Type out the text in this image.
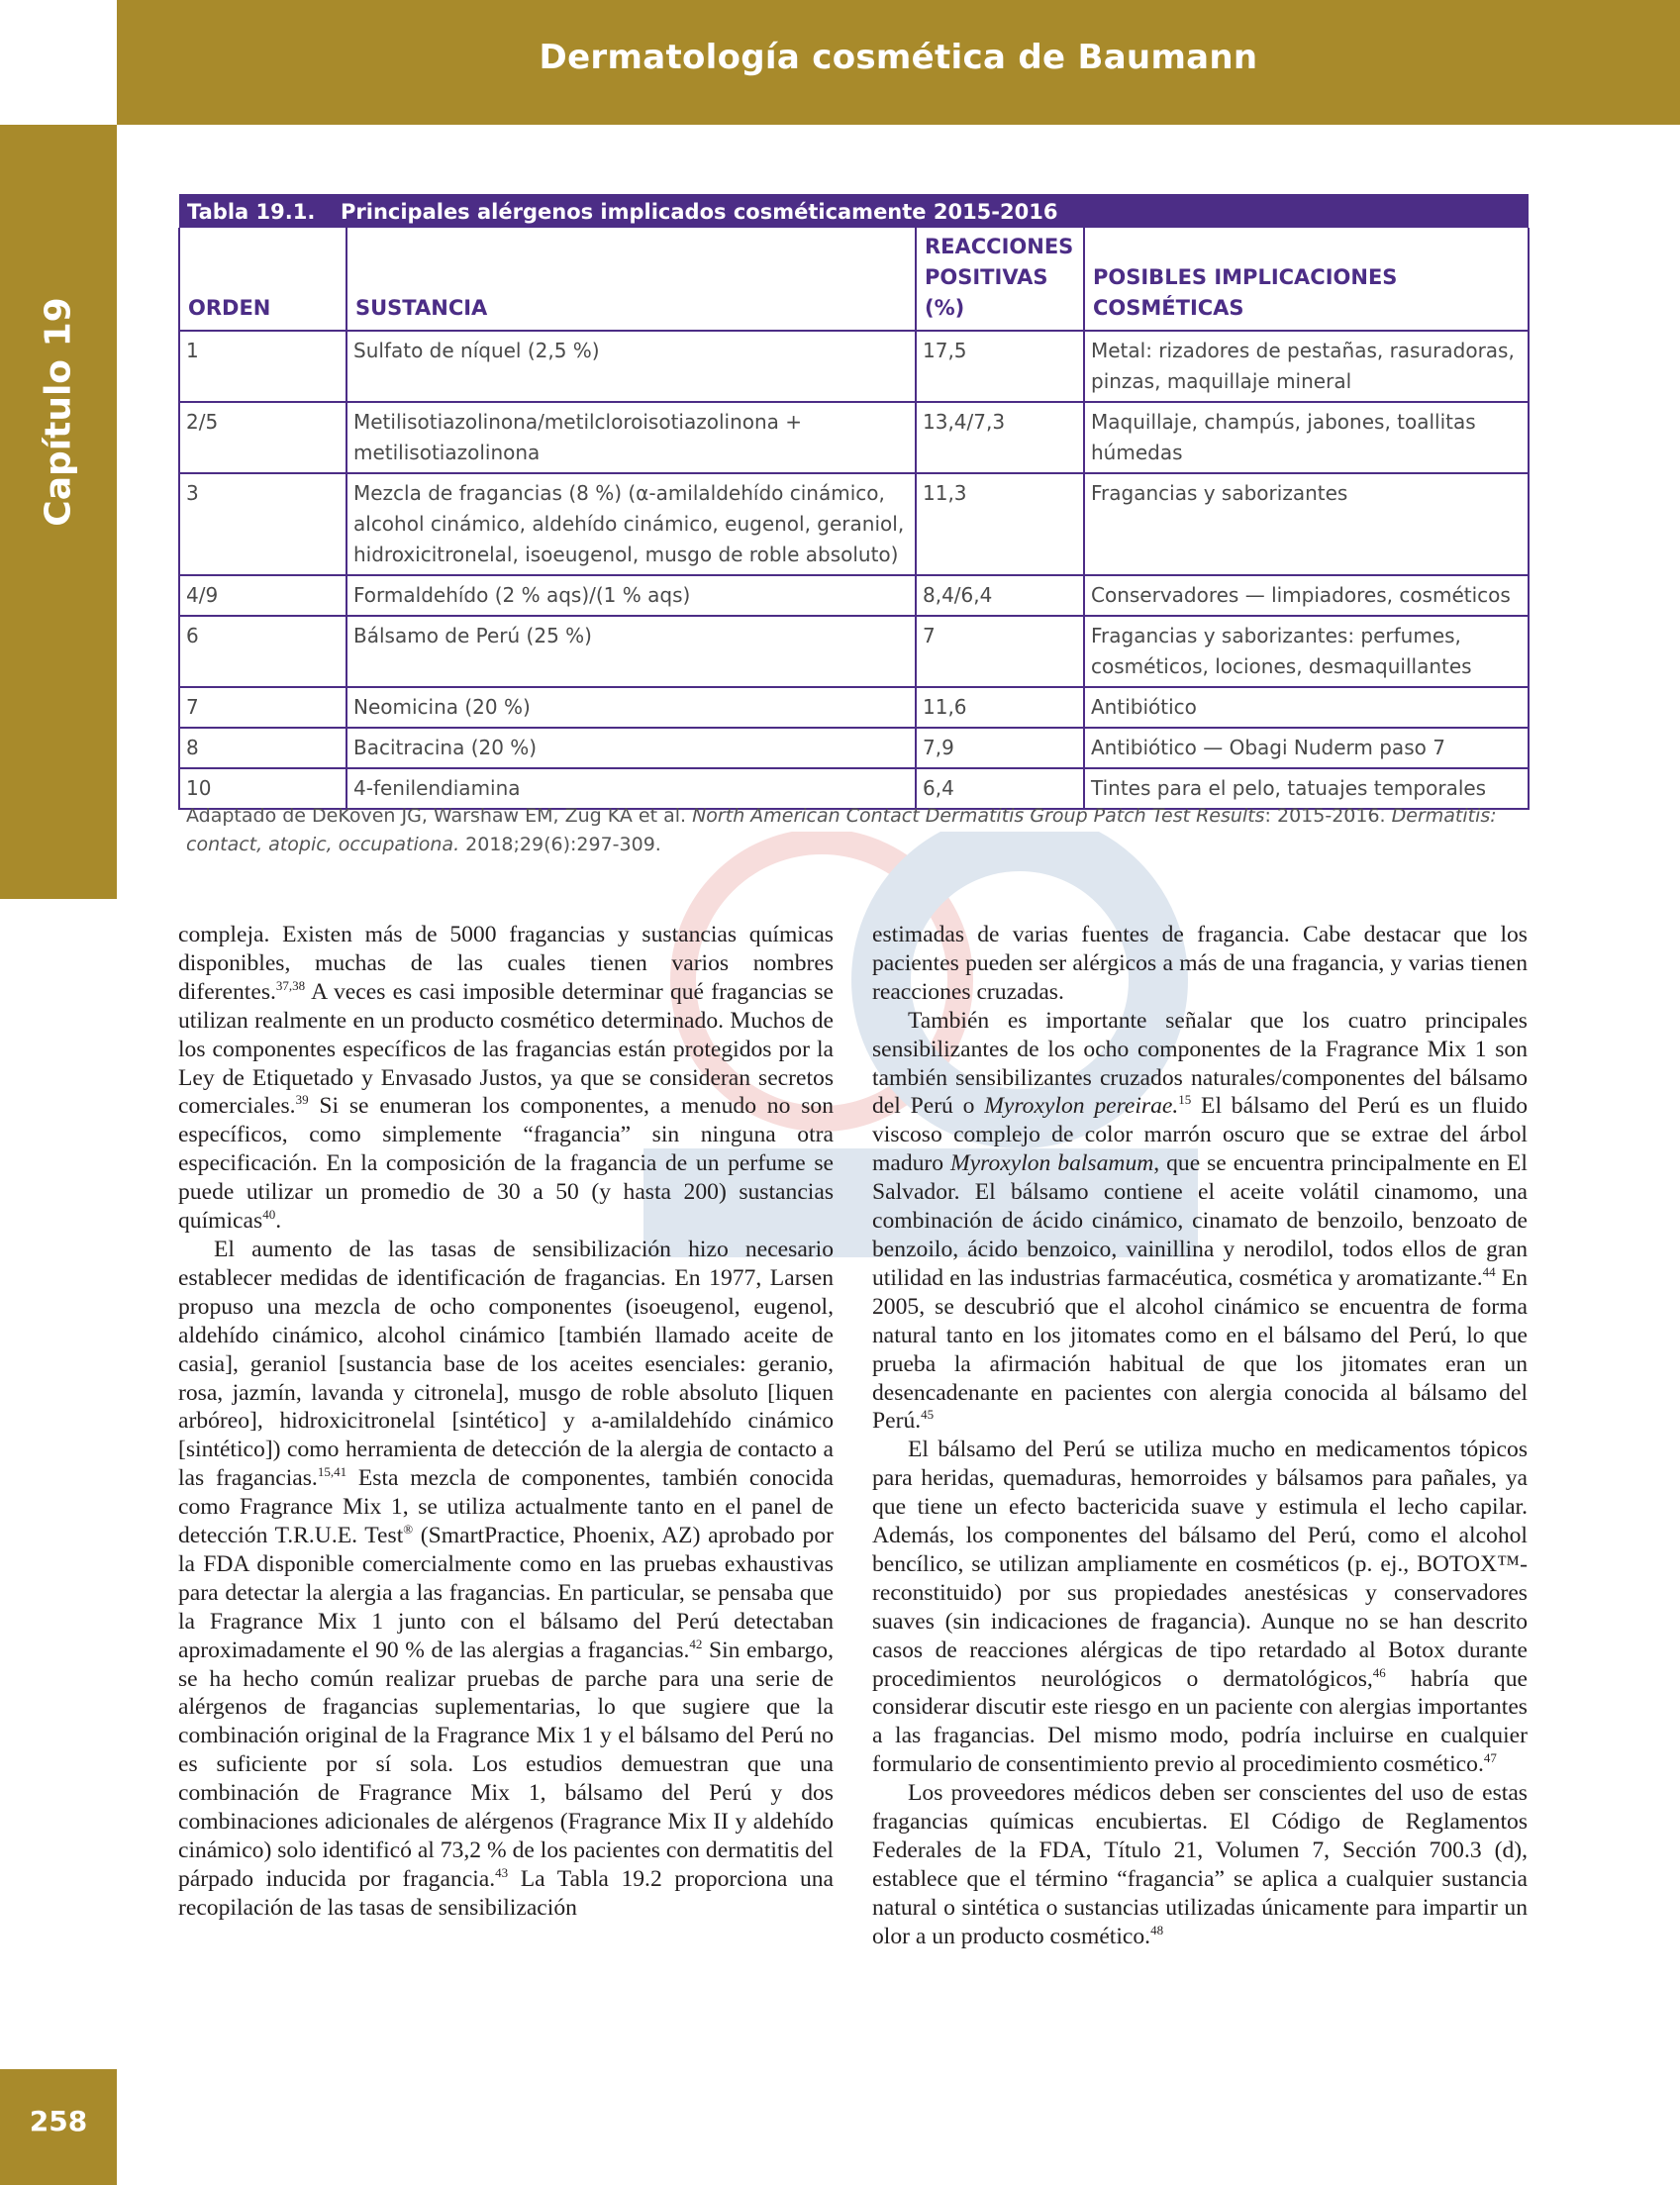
Dermatología cosmética de Baumann
Capítulo 19
258
Tabla 19.1. Principales alérgenos implicados cosméticamente 2015-2016			
ORDEN	SUSTANCIA	REACCIONES POSITIVAS (%)	POSIBLES IMPLICACIONES COSMÉTICAS
1	Sulfato de níquel (2,5 %)	17,5	Metal: rizadores de pestañas, rasuradoras, pinzas, maquillaje mineral
2/5	Metilisotiazolinona/metilcloroisotiazolinona + metilisotiazolinona	13,4/7,3	Maquillaje, champús, jabones, toallitas húmedas
3	Mezcla de fragancias (8 %) (α-amilaldehído cinámico, alcohol cinámico, aldehído cinámico, eugenol, geraniol, hidroxicitronelal, isoeugenol, musgo de roble absoluto)	11,3	Fragancias y saborizantes
4/9	Formaldehído (2 % aqs)/(1 % aqs)	8,4/6,4	Conservadores — limpiadores, cosméticos
6	Bálsamo de Perú (25 %)	7	Fragancias y saborizantes: perfumes, cosméticos, lociones, desmaquillantes
7	Neomicina (20 %)	11,6	Antibiótico
8	Bacitracina (20 %)	7,9	Antibiótico — Obagi Nuderm paso 7
10	4-fenilendiamina	6,4	Tintes para el pelo, tatuajes temporales
Adaptado de DeKoven JG, Warshaw EM, Zug KA et al. North American Contact Dermatitis Group Patch Test Results: 2015-2016. Dermatitis: contact, atopic, occupationa. 2018;29(6):297-309.

compleja. Existen más de 5000 fragancias y sustancias químicas disponibles, muchas de las cuales tienen varios nombres diferentes.$^{37,38}$ A veces es casi imposible determinar qué fragancias se utilizan realmente en un producto cosmético determinado. Muchos de los componentes específicos de las fragancias están protegidos por la Ley de Etiquetado y Envasado Justos, ya que se consideran secretos comerciales.$^{39}$ Si se enumeran los componentes, a menudo no son específicos, como simplemente “fragancia” sin ninguna otra especificación. En la composición de la fragancia de un perfume se puede utilizar un promedio de 30 a 50 (y hasta 200) sustancias químicas$^{40}$.

El aumento de las tasas de sensibilización hizo necesario establecer medidas de identificación de fragancias. En 1977, Larsen propuso una mezcla de ocho componentes (isoeugenol, eugenol, aldehído cinámico, alcohol cinámico [también llamado aceite de casia], geraniol [sustancia base de los aceites esenciales: geranio, rosa, jazmín, lavanda y citronela], musgo de roble absoluto [liquen arbóreo], hidroxicitronelal [sintético] y a-amilaldehído cinámico [sintético]) como herramienta de detección de la alergia de contacto a las fragancias.$^{15,41}$ Esta mezcla de componentes, también conocida como Fragrance Mix 1, se utiliza actualmente tanto en el panel de detección T.R.U.E. Test® (SmartPractice, Phoenix, AZ) aprobado por la FDA disponible comercialmente como en las pruebas exhaustivas para detectar la alergia a las fragancias. En particular, se pensaba que la Fragrance Mix 1 junto con el bálsamo del Perú detectaban aproximadamente el 90 % de las alergias a fragancias.$^{42}$ Sin embargo, se ha hecho común realizar pruebas de parche para una serie de alérgenos de fragancias suplementarias, lo que sugiere que la combinación original de la Fragrance Mix 1 y el bálsamo del Perú no es suficiente por sí sola. Los estudios demuestran que una combinación de Fragrance Mix 1, bálsamo del Perú y dos combinaciones adicionales de alérgenos (Fragrance Mix II y aldehído cinámico) solo identificó al 73,2 % de los pacientes con dermatitis del párpado inducida por fragancia.$^{43}$ La Tabla 19.2 proporciona una recopilación de las tasas de sensibilización

estimadas de varias fuentes de fragancia. Cabe destacar que los pacientes pueden ser alérgicos a más de una fragancia, y varias tienen reacciones cruzadas.

También es importante señalar que los cuatro principales sensibilizantes de los ocho componentes de la Fragrance Mix 1 son también sensibilizantes cruzados naturales/componentes del bálsamo del Perú o Myroxylon pereirae.$^{15}$ El bálsamo del Perú es un fluido viscoso complejo de color marrón oscuro que se extrae del árbol maduro Myroxylon balsamum, que se encuentra principalmente en El Salvador. El bálsamo contiene el aceite volátil cinamomo, una combinación de ácido cinámico, cinamato de benzoilo, benzoato de benzoilo, ácido benzoico, vainillina y nerodilol, todos ellos de gran utilidad en las industrias farmacéutica, cosmética y aromatizante.$^{44}$ En 2005, se descubrió que el alcohol cinámico se encuentra de forma natural tanto en los jitomates como en el bálsamo del Perú, lo que prueba la afirmación habitual de que los jitomates eran un desencadenante en pacientes con alergia conocida al bálsamo del Perú.$^{45}$

El bálsamo del Perú se utiliza mucho en medicamentos tópicos para heridas, quemaduras, hemorroides y bálsamos para pañales, ya que tiene un efecto bactericida suave y estimula el lecho capilar. Además, los componentes del bálsamo del Perú, como el alcohol bencílico, se utilizan ampliamente en cosméticos (p. ej., BOTOX™-reconstituido) por sus propiedades anestésicas y conservadores suaves (sin indicaciones de fragancia). Aunque no se han descrito casos de reacciones alérgicas de tipo retardado al Botox durante procedimientos neurológicos o dermatológicos,$^{46}$ habría que considerar discutir este riesgo en un paciente con alergias importantes a las fragancias. Del mismo modo, podría incluirse en cualquier formulario de consentimiento previo al procedimiento cosmético.$^{47}$

Los proveedores médicos deben ser conscientes del uso de estas fragancias químicas encubiertas. El Código de Reglamentos Federales de la FDA, Título 21, Volumen 7, Sección 700.3 (d), establece que el término “fragancia” se aplica a cualquier sustancia natural o sintética o sustancias utilizadas únicamente para impartir un olor a un producto cosmético.$^{48}$
